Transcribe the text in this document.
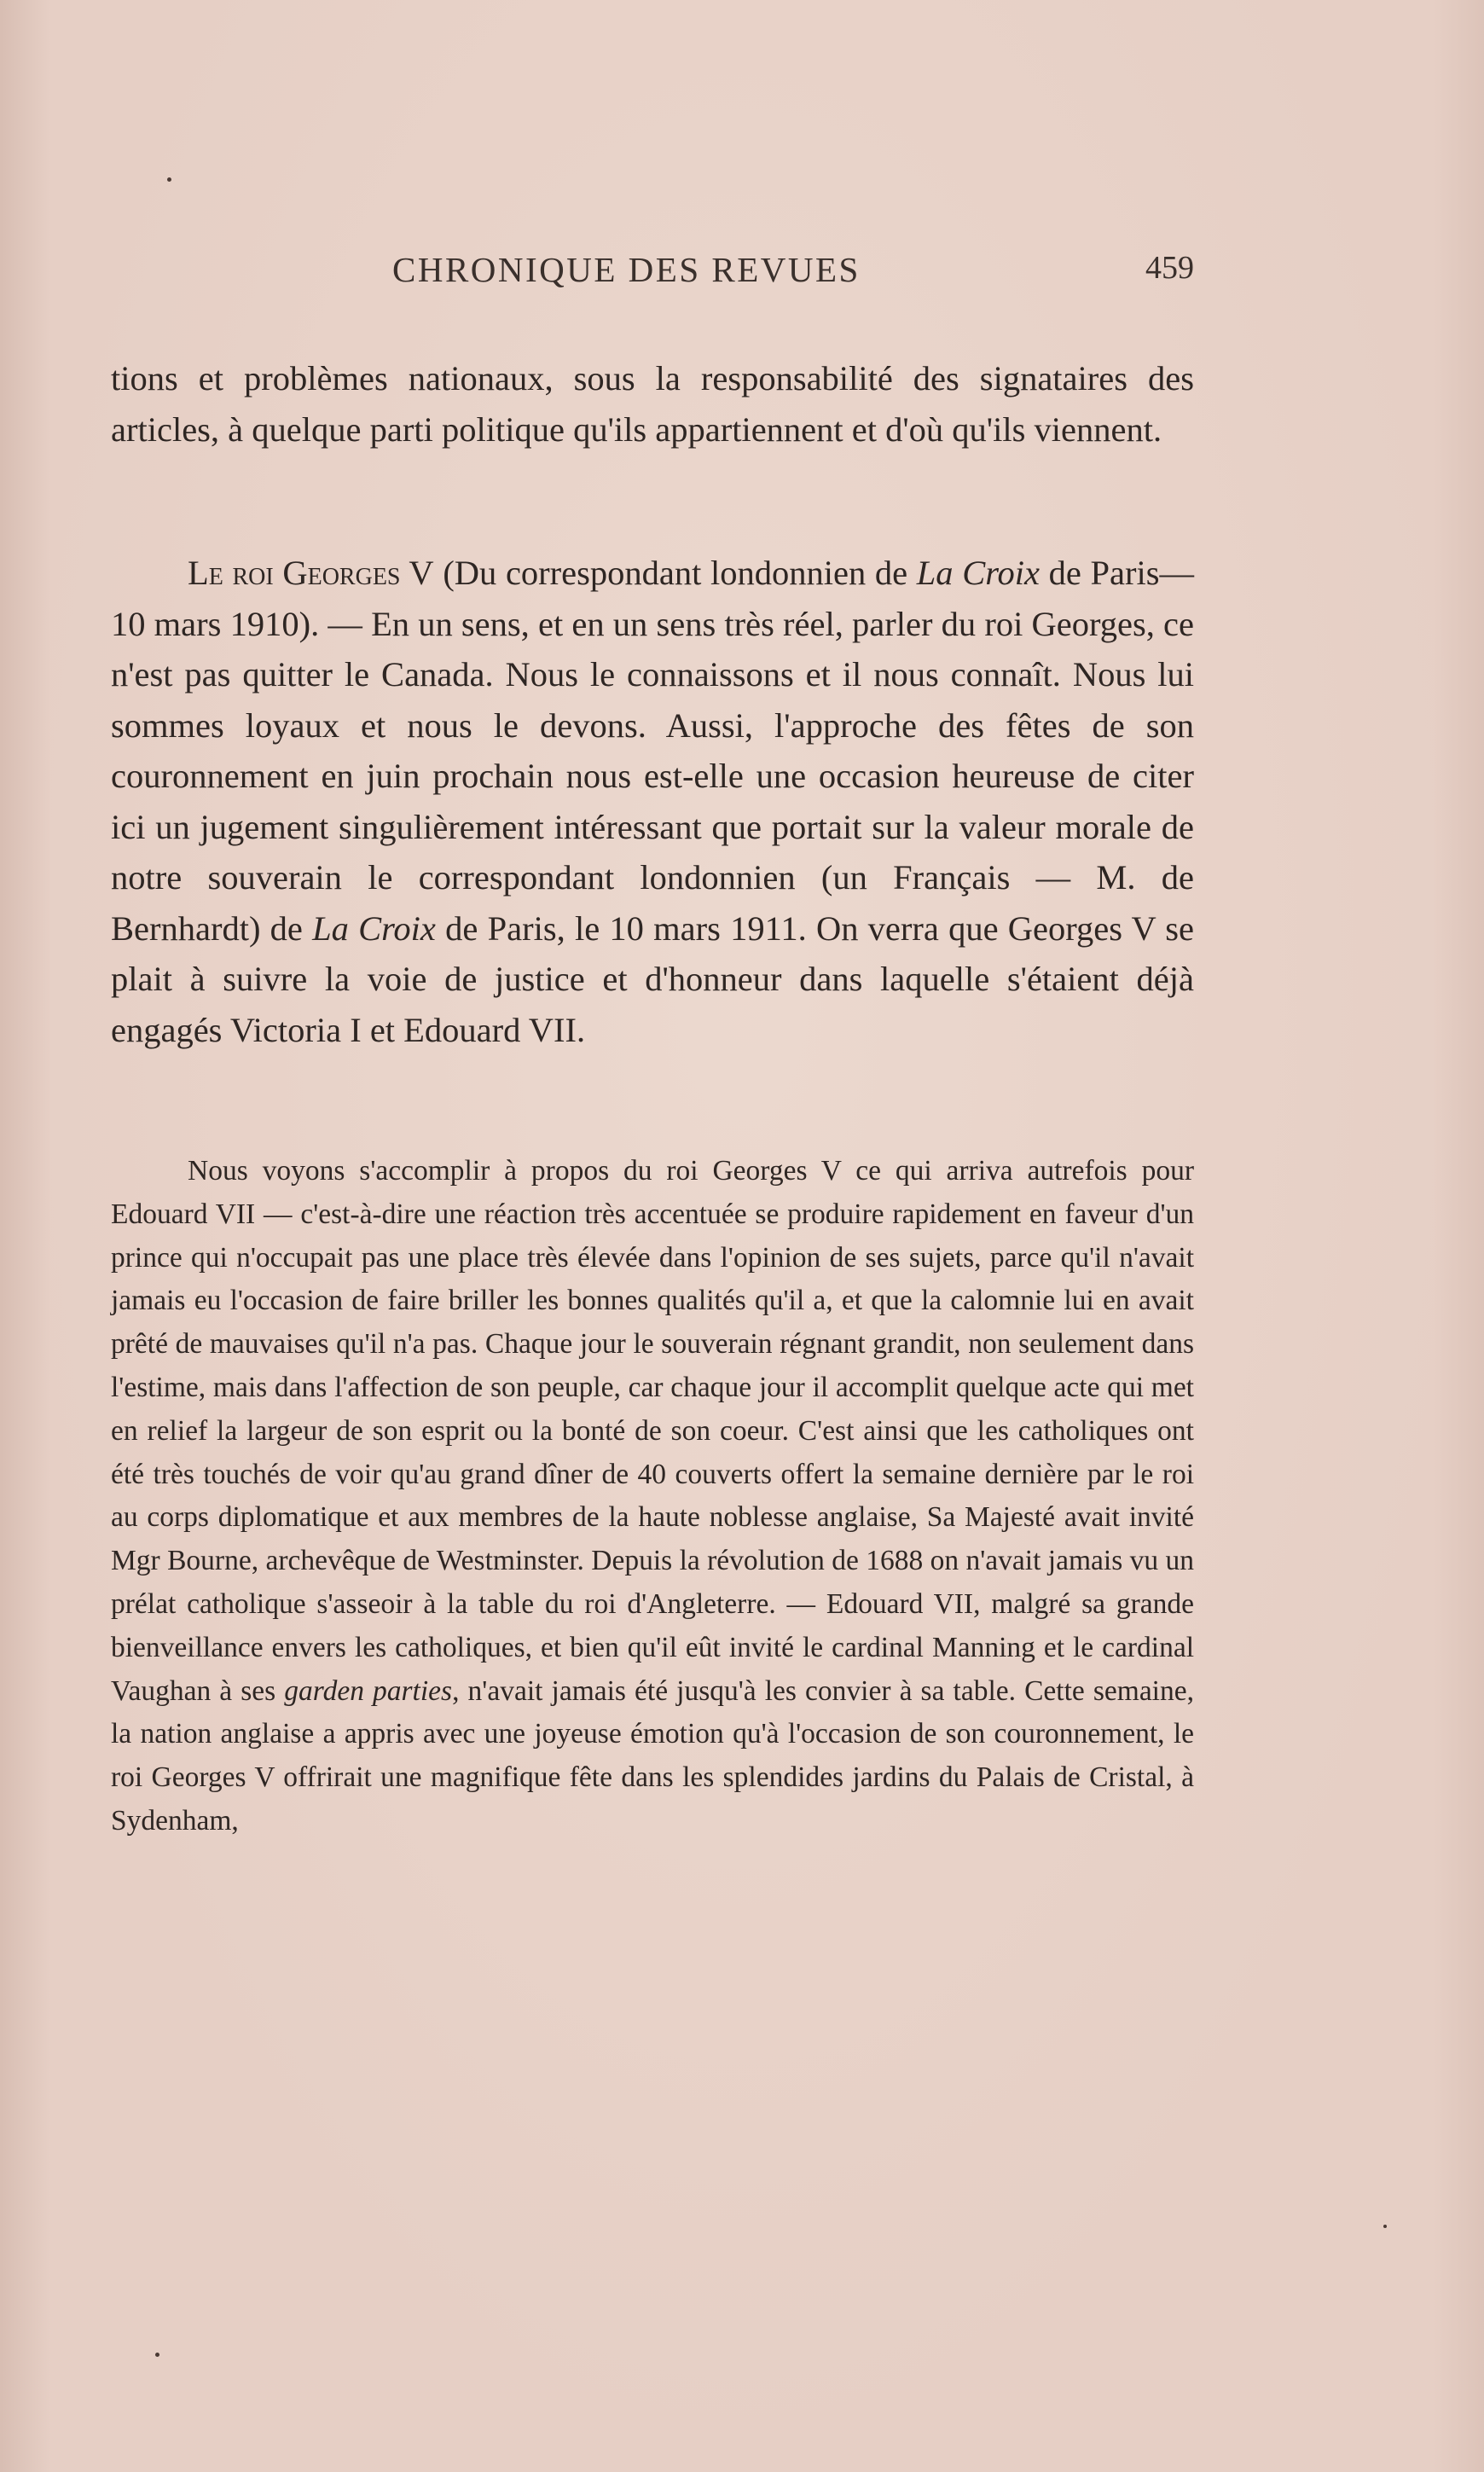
CHRONIQUE DES REVUES	459

tions et problèmes nationaux, sous la responsabilité des signataires des articles, à quelque parti politique qu'ils appartiennent et d'où qu'ils viennent.

Le roi Georges V (Du correspondant londonnien de La Croix de Paris—10 mars 1910). — En un sens, et en un sens très réel, parler du roi Georges, ce n'est pas quitter le Canada. Nous le connaissons et il nous connaît. Nous lui sommes loyaux et nous le devons. Aussi, l'approche des fêtes de son couronnement en juin prochain nous est-elle une occasion heureuse de citer ici un jugement singulièrement intéressant que portait sur la valeur morale de notre souverain le correspondant londonnien (un Français — M. de Bernhardt) de La Croix de Paris, le 10 mars 1911. On verra que Georges V se plait à suivre la voie de justice et d'honneur dans laquelle s'étaient déjà engagés Victoria I et Edouard VII.

Nous voyons s'accomplir à propos du roi Georges V ce qui arriva autrefois pour Edouard VII — c'est-à-dire une réaction très accentuée se produire rapidement en faveur d'un prince qui n'occupait pas une place très élevée dans l'opinion de ses sujets, parce qu'il n'avait jamais eu l'occasion de faire briller les bonnes qualités qu'il a, et que la calomnie lui en avait prêté de mauvaises qu'il n'a pas. Chaque jour le souverain régnant grandit, non seulement dans l'estime, mais dans l'affection de son peuple, car chaque jour il accomplit quelque acte qui met en relief la largeur de son esprit ou la bonté de son coeur. C'est ainsi que les catholiques ont été très touchés de voir qu'au grand dîner de 40 couverts offert la semaine dernière par le roi au corps diplomatique et aux membres de la haute noblesse anglaise, Sa Majesté avait invité Mgr Bourne, archevêque de Westminster. Depuis la révolution de 1688 on n'avait jamais vu un prélat catholique s'asseoir à la table du roi d'Angleterre. — Edouard VII, malgré sa grande bienveillance envers les catholiques, et bien qu'il eût invité le cardinal Manning et le cardinal Vaughan à ses garden parties, n'avait jamais été jusqu'à les convier à sa table. Cette semaine, la nation anglaise a appris avec une joyeuse émotion qu'à l'occasion de son couronnement, le roi Georges V offrirait une magnifique fête dans les splendides jardins du Palais de Cristal, à Sydenham,
